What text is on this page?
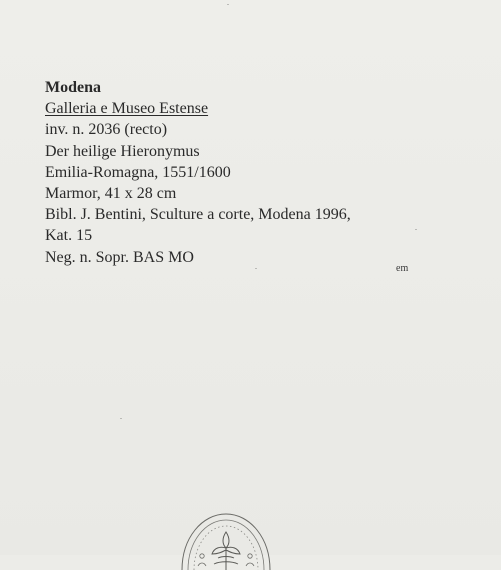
Modena
Galleria e Museo Estense
inv. n. 2036 (recto)
Der heilige Hieronymus
Emilia-Romagna, 1551/1600
Marmor, 41 x 28 cm
Bibl. J. Bentini, Sculture a corte, Modena 1996,
Kat. 15
Neg. n. Sopr. BAS MO
em
